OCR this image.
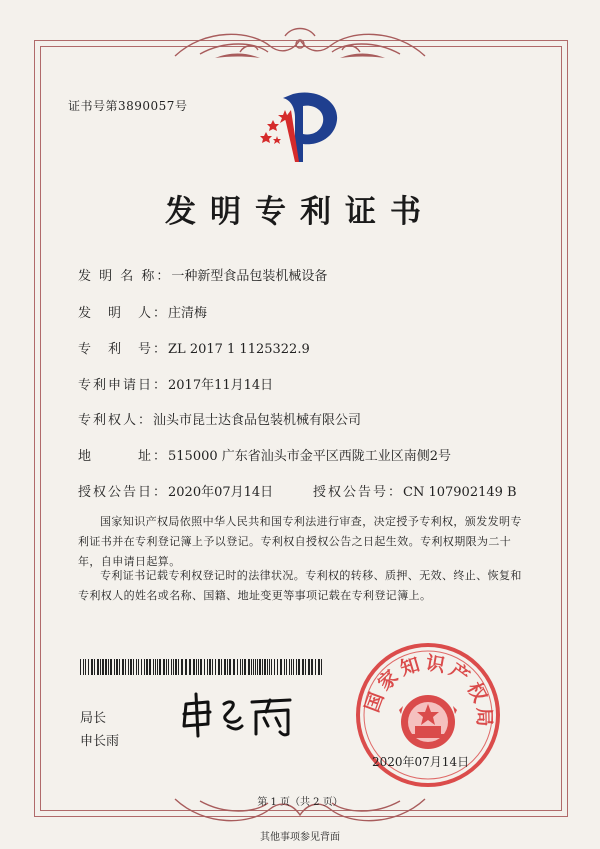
证书号第3890057号
发明专利证书
发 明 名 称：一种新型食品包装机械设备
发　明　人：庄清梅
专　利　号：ZL 2017 1 1125322.9
专利申请日：2017年11月14日
专利权人：汕头市昆士达食品包装机械有限公司
地　　　址：515000 广东省汕头市金平区西陇工业区南侧2号
授权公告日：2020年07月14日	授权公告号：CN 107902149 B

国家知识产权局依照中华人民共和国专利法进行审查，决定授予专利权，颁发发明专利证书并在专利登记簿上予以登记。专利权自授权公告之日起生效。专利权期限为二十年，自申请日起算。

专利证书记载专利权登记时的法律状况。专利权的转移、质押、无效、终止、恢复和专利权人的姓名或名称、国籍、地址变更等事项记载在专利登记簿上。

局长
申长雨
国家知识产权局
2020年07月14日
第 1 页（共 2 页）
其他事项参见背面
